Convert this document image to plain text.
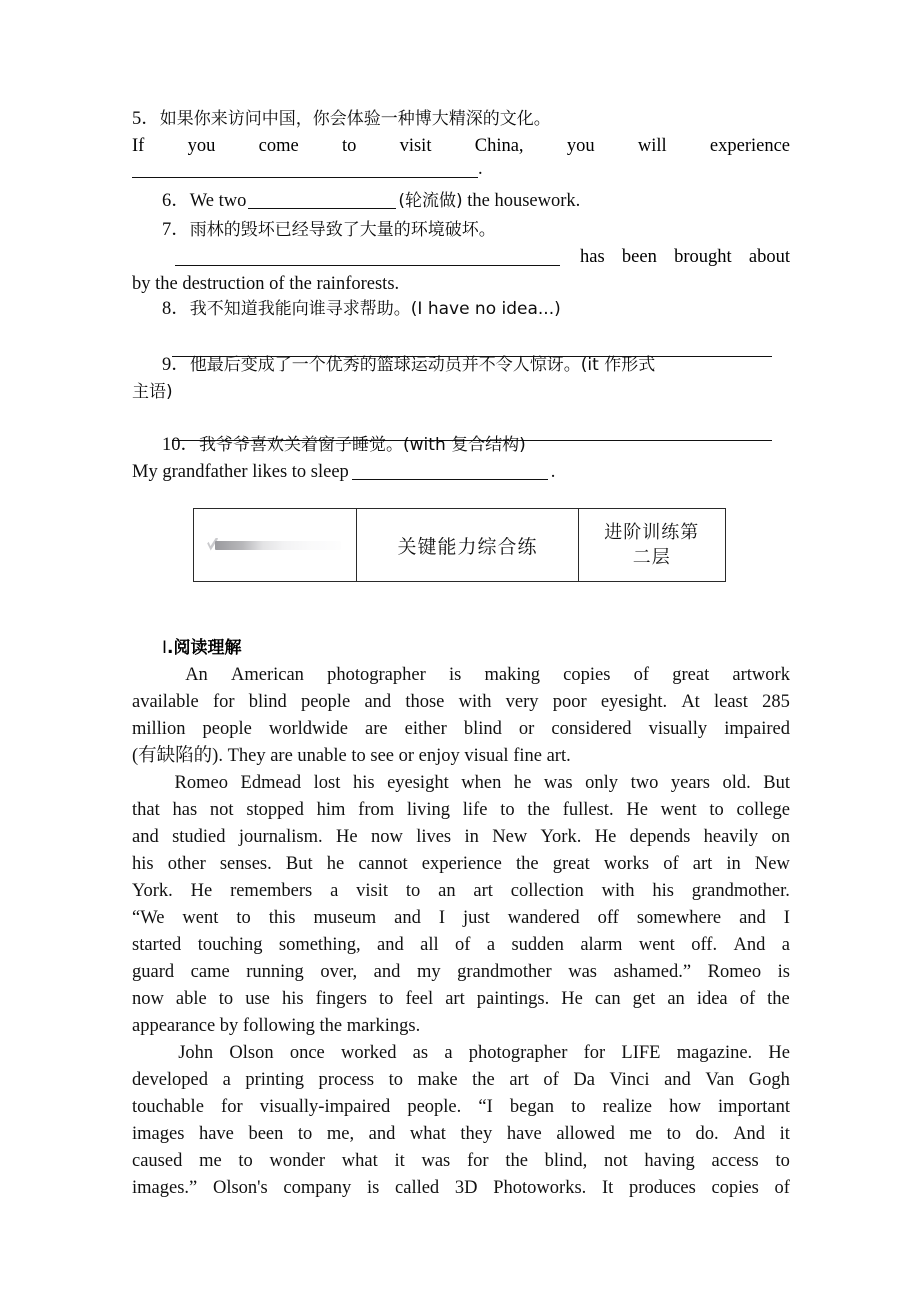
5．如果你来访问中国，你会体验一种博大精深的文化。
If you come to visit China, you will experience
.
6．We two	(轮流做) the housework.
7．雨林的毁坏已经导致了大量的环境破坏。
has been brought about
by the destruction of the rainforests.
8．我不知道我能向谁寻求帮助。(I have no idea...)
9．他最后变成了一个优秀的篮球运动员并不令人惊讶。(it 作形式
主语)
10．我爷爷喜欢关着窗子睡觉。(with 复合结构)
My grandfather likes to sleep	.
关键能力综合练
进阶训练第
二层
Ⅰ.阅读理解
An American photographer is making copies of great artwork
available for blind people and those with very poor eyesight. At least 285
million people worldwide are either blind or considered visually impaired
(有缺陷的). They are unable to see or enjoy visual fine art.
Romeo Edmead lost his eyesight when he was only two years old. But
that has not stopped him from living life to the fullest. He went to college
and studied journalism. He now lives in New York. He depends heavily on
his other senses. But he cannot experience the great works of art in New
York. He remembers a visit to an art collection with his grandmother.
“We went to this museum and I just wandered off somewhere and I
started touching something, and all of a sudden alarm went off. And a
guard came running over, and my grandmother was ashamed.” Romeo is
now able to use his fingers to feel art paintings. He can get an idea of the
appearance by following the markings.
John Olson once worked as a photographer for LIFE magazine. He
developed a printing process to make the art of Da Vinci and Van Gogh
touchable for visually-impaired people. “I began to realize how important
images have been to me, and what they have allowed me to do. And it
caused me to wonder what it was for the blind, not having access to
images.” Olson's company is called 3D Photoworks. It produces copies of
